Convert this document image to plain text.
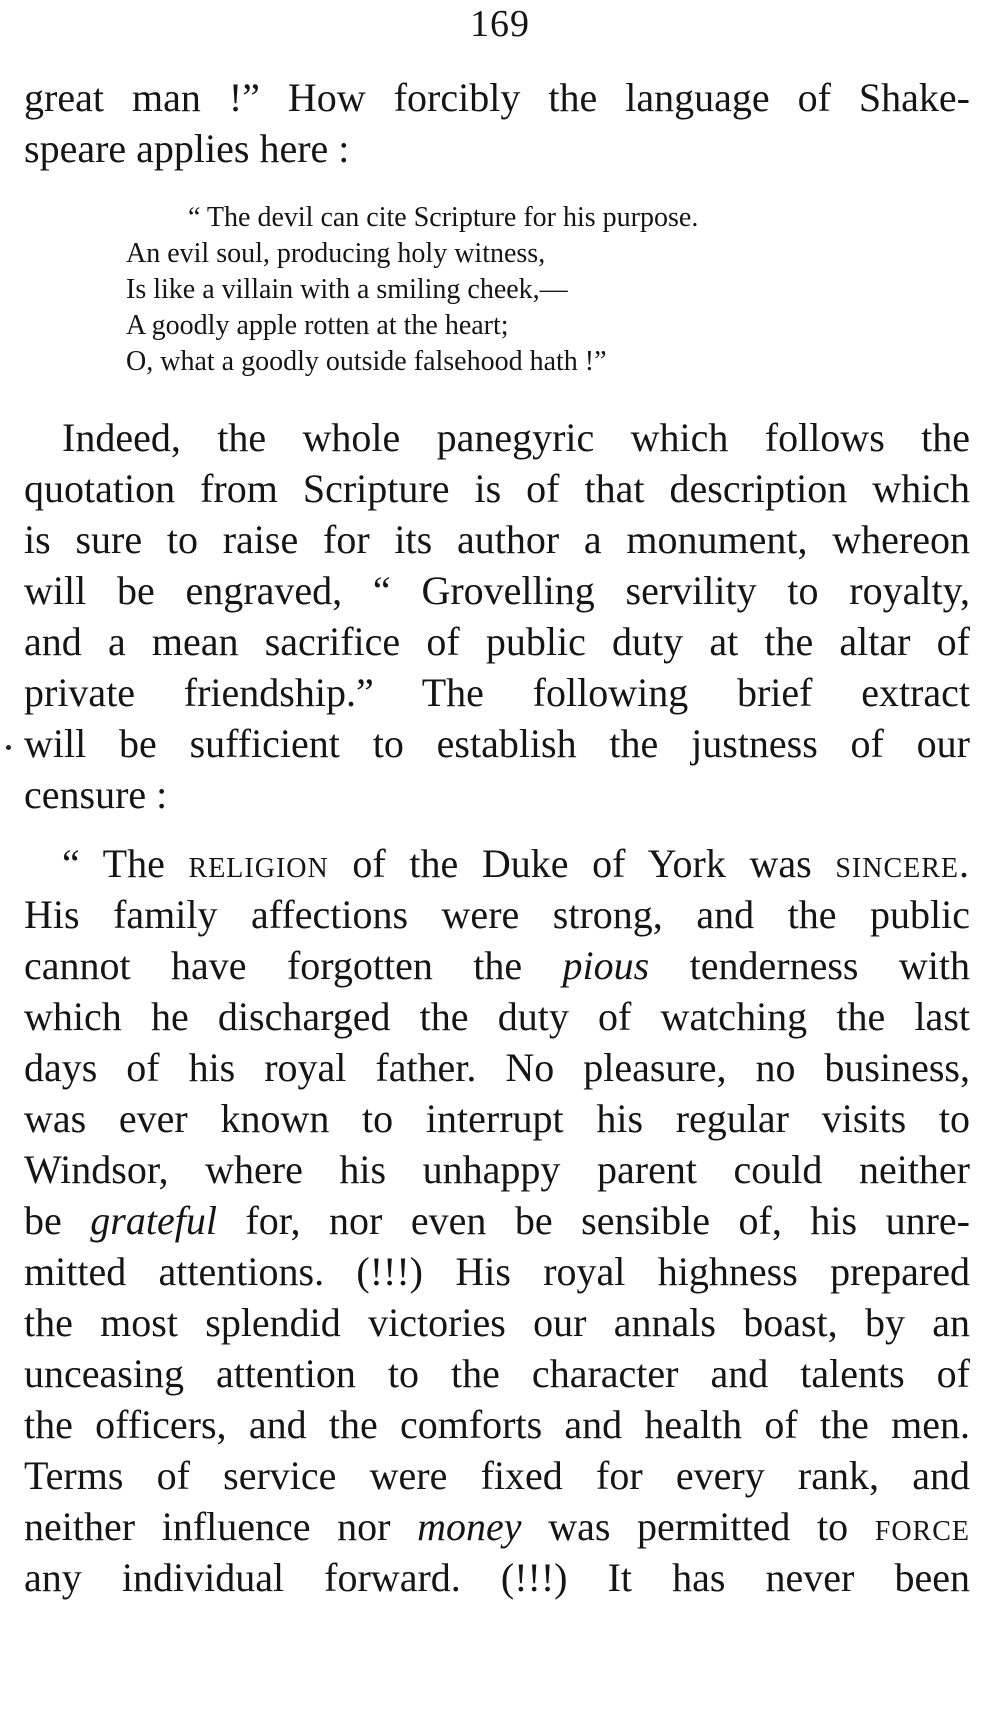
169
great man !” How forcibly the language of Shake-
speare applies here :
“ The devil can cite Scripture for his purpose.
An evil soul, producing holy witness,
Is like a villain with a smiling cheek,—
A goodly apple rotten at the heart;
O, what a goodly outside falsehood hath !”
Indeed, the whole panegyric which follows the
quotation from Scripture is of that description which
is sure to raise for its author a monument, whereon
will be engraved, “ Grovelling servility to royalty,
and a mean sacrifice of public duty at the altar of
private friendship.” The following brief extract
will be sufficient to establish the justness of our
censure :
“ The religion of the Duke of York was sincere.
His family affections were strong, and the public
cannot have forgotten the pious tenderness with
which he discharged the duty of watching the last
days of his royal father. No pleasure, no business,
was ever known to interrupt his regular visits to
Windsor, where his unhappy parent could neither
be grateful for, nor even be sensible of, his unre-
mitted attentions. (!!!) His royal highness prepared
the most splendid victories our annals boast, by an
unceasing attention to the character and talents of
the officers, and the comforts and health of the men.
Terms of service were fixed for every rank, and
neither influence nor money was permitted to force
any individual forward. (!!!) It has never been
